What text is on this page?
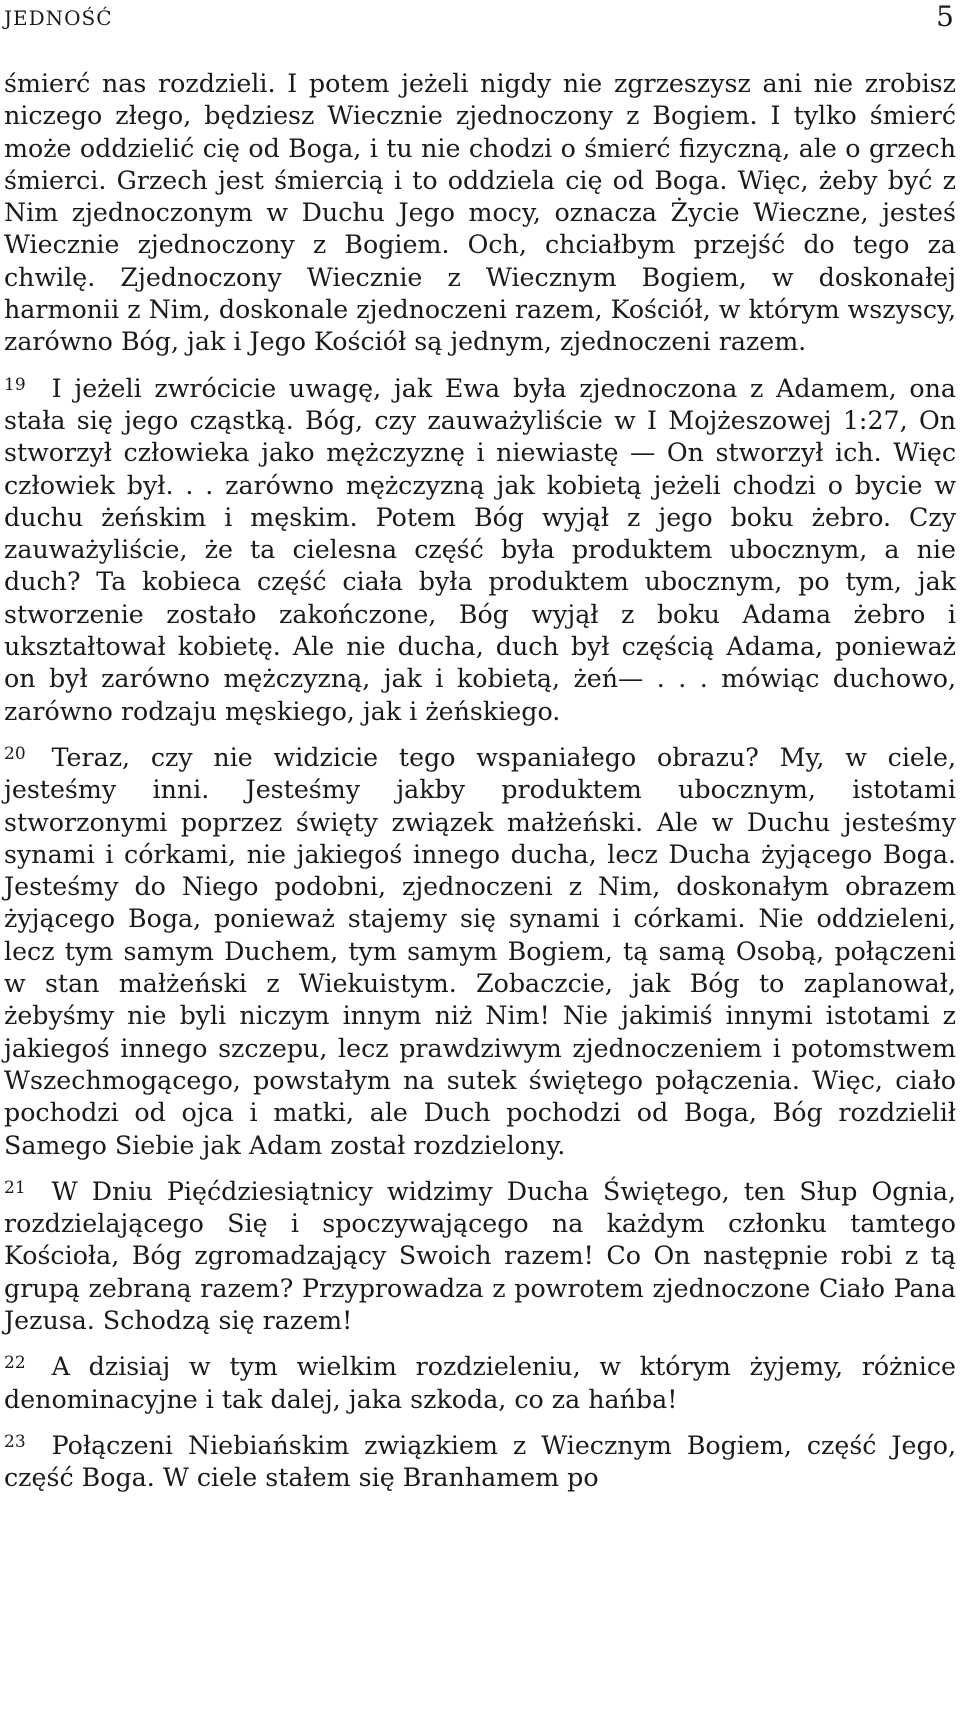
JEDNOŚĆ	5

śmierć nas rozdzieli. I potem jeżeli nigdy nie zgrzeszysz ani nie zrobisz niczego złego, będziesz Wiecznie zjednoczony z Bogiem. I tylko śmierć może oddzielić cię od Boga, i tu nie chodzi o śmierć fizyczną, ale o grzech śmierci. Grzech jest śmiercią i to oddziela cię od Boga. Więc, żeby być z Nim zjednoczonym w Duchu Jego mocy, oznacza Życie Wieczne, jesteś Wiecznie zjednoczony z Bogiem. Och, chciałbym przejść do tego za chwilę. Zjednoczony Wiecznie z Wiecznym Bogiem, w doskonałej harmonii z Nim, doskonale zjednoczeni razem, Kościół, w którym wszyscy, zarówno Bóg, jak i Jego Kościół są jednym, zjednoczeni razem.

$^{19}$ I jeżeli zwrócicie uwagę, jak Ewa była zjednoczona z Adamem, ona stała się jego cząstką. Bóg, czy zauważyliście w I Mojżeszowej 1:27, On stworzył człowieka jako mężczyznę i niewiastę — On stworzył ich. Więc człowiek był. . . zarówno mężczyzną jak kobietą jeżeli chodzi o bycie w duchu żeńskim i męskim. Potem Bóg wyjął z jego boku żebro. Czy zauważyliście, że ta cielesna część była produktem ubocznym, a nie duch? Ta kobieca część ciała była produktem ubocznym, po tym, jak stworzenie zostało zakończone, Bóg wyjął z boku Adama żebro i ukształtował kobietę. Ale nie ducha, duch był częścią Adama, ponieważ on był zarówno mężczyzną, jak i kobietą, żeń— . . . mówiąc duchowo, zarówno rodzaju męskiego, jak i żeńskiego.

$^{20}$ Teraz, czy nie widzicie tego wspaniałego obrazu? My, w ciele, jesteśmy inni. Jesteśmy jakby produktem ubocznym, istotami stworzonymi poprzez święty związek małżeński. Ale w Duchu jesteśmy synami i córkami, nie jakiegoś innego ducha, lecz Ducha żyjącego Boga. Jesteśmy do Niego podobni, zjednoczeni z Nim, doskonałym obrazem żyjącego Boga, ponieważ stajemy się synami i córkami. Nie oddzieleni, lecz tym samym Duchem, tym samym Bogiem, tą samą Osobą, połączeni w stan małżeński z Wiekuistym. Zobaczcie, jak Bóg to zaplanował, żebyśmy nie byli niczym innym niż Nim! Nie jakimiś innymi istotami z jakiegoś innego szczepu, lecz prawdziwym zjednoczeniem i potomstwem Wszechmogącego, powstałym na sutek świętego połączenia. Więc, ciało pochodzi od ojca i matki, ale Duch pochodzi od Boga, Bóg rozdzielił Samego Siebie jak Adam został rozdzielony.

$^{21}$ W Dniu Pięćdziesiątnicy widzimy Ducha Świętego, ten Słup Ognia, rozdzielającego Się i spoczywającego na każdym członku tamtego Kościoła, Bóg zgromadzający Swoich razem! Co On następnie robi z tą grupą zebraną razem? Przyprowadza z powrotem zjednoczone Ciało Pana Jezusa. Schodzą się razem!

$^{22}$ A dzisiaj w tym wielkim rozdzieleniu, w którym żyjemy, różnice denominacyjne i tak dalej, jaka szkoda, co za hańba!

$^{23}$ Połączeni Niebiańskim związkiem z Wiecznym Bogiem, część Jego, część Boga. W ciele stałem się Branhamem po
